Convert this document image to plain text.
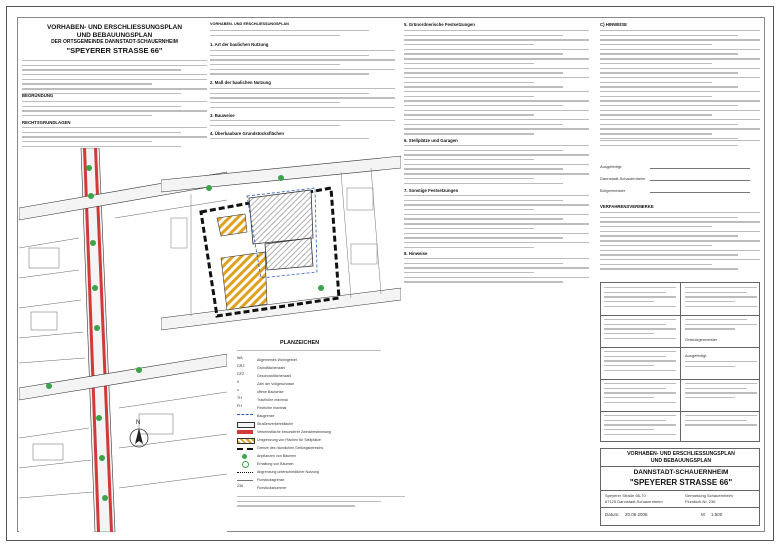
VORHABEN- UND ERSCHLIESSUNGSPLAN
UND BEBAUUNGSPLAN
DER ORTSGEMEINDE DANNSTADT-SCHAUERNHEIM
"SPEYERER STRASSE 66"
BEGRÜNDUNG
RECHTSGRUNDLAGEN
VORHABEN- UND ERSCHLIESSUNGSPLAN
1. Art der baulichen Nutzung
2. Maß der baulichen Nutzung
3. Bauweise
4. Überbaubare Grundstücksflächen
5. Grünordnerische Festsetzungen
6. Stellplätze und Garagen
7. Sonstige Festsetzungen
8. Hinweise
C) HINWEISE
Ausgefertigt:
Dannstadt-Schauernheim
Bürgermeister
VERFAHRENSVERMERKE
Ortsbürgermeister
Ausgefertigt
VORHABEN- UND ERSCHLIESSUNGSPLAN
UND BEBAUUNGSPLAN
DANNSTADT-SCHAUERNHEIM
"SPEYERER STRASSE 66"
Speyerer Straße 66-70
67125 Dannstadt-Schauernheim
Gemarkung Schauernheim
Flurstück-Nr. 236
Datum: 20.06.2006	M 1:500
N
PLANZEICHEN
WA	Allgemeines Wohngebiet
GRZ	Grundflächenzahl
GFZ	Geschossflächenzahl
II	Zahl der Vollgeschosse
o	offene Bauweise
TH	Traufhöhe maximal
FH	Firsthöhe maximal
Baugrenze
Straßenverkehrsfläche
Verkehrsfläche besonderer Zweckbestimmung
Umgrenzung von Flächen für Stellplätze
Grenze des räumlichen Geltungsbereichs
Anpflanzen von Bäumen
Erhaltung von Bäumen
Abgrenzung unterschiedlicher Nutzung
Flurstücksgrenze
236	Flurstücksnummer
